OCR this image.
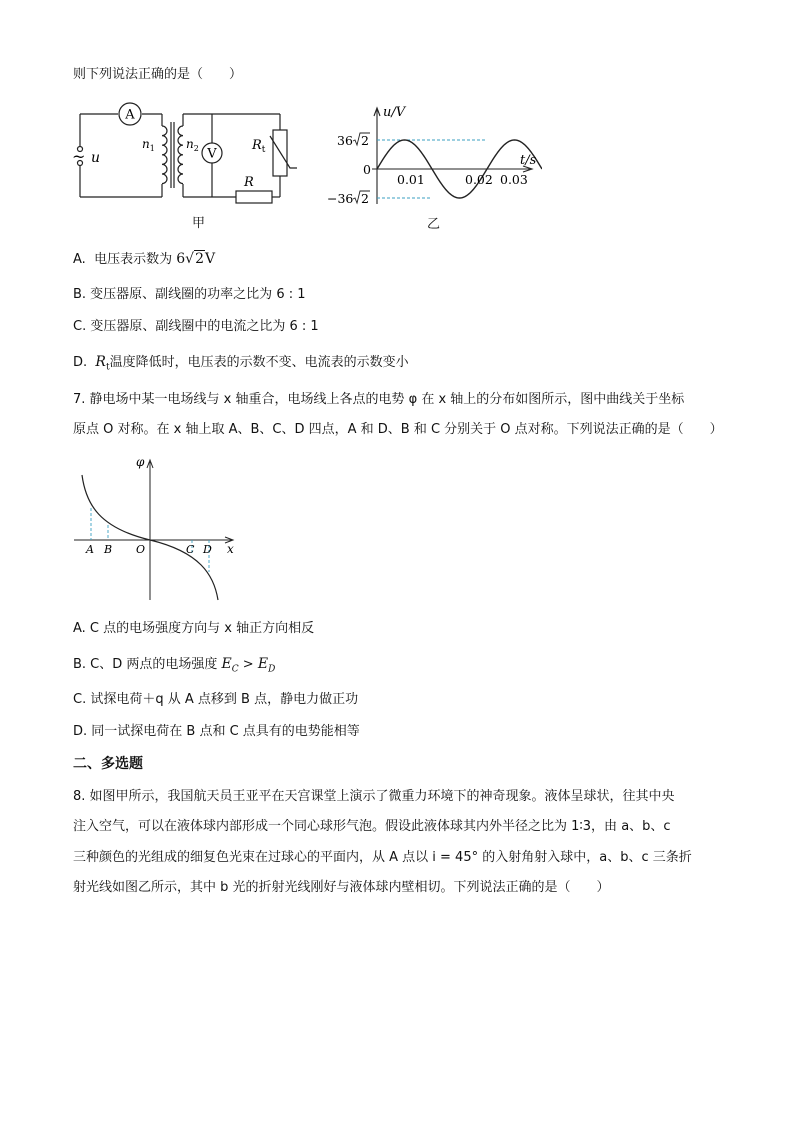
则下列说法正确的是（　　）
A
V
~ u
$n_1$	$n_2$	$R_t$
R
甲
u/V
t/s
36 2
0
−36 2
0.01	0.02 0.03
乙
A. 电压表示数为 6√2V
B. 变压器原、副线圈的功率之比为 6 : 1
C. 变压器原、副线圈中的电流之比为 6 : 1
D. $R_t$温度降低时，电压表的示数不变、电流表的示数变小
7. 静电场中某一电场线与 x 轴重合，电场线上各点的电势 φ 在 x 轴上的分布如图所示，图中曲线关于坐标
原点 O 对称。在 x 轴上取 A、B、C、D 四点，A 和 D、B 和 C 分别关于 O 点对称。下列说法正确的是（　　）
φ
x
A B O	C D
A. C 点的电场强度方向与 x 轴正方向相反
B. C、D 两点的电场强度 $E_C > E_D$
C. 试探电荷＋q 从 A 点移到 B 点，静电力做正功
D. 同一试探电荷在 B 点和 C 点具有的电势能相等
二、多选题
8. 如图甲所示，我国航天员王亚平在天宫课堂上演示了微重力环境下的神奇现象。液体呈球状，往其中央
注入空气，可以在液体球内部形成一个同心球形气泡。假设此液体球其内外半径之比为 1∶3，由 a、b、c
三种颜色的光组成的细复色光束在过球心的平面内，从 A 点以 i = 45° 的入射角射入球中，a、b、c 三条折
射光线如图乙所示，其中 b 光的折射光线刚好与液体球内壁相切。下列说法正确的是（　　）
